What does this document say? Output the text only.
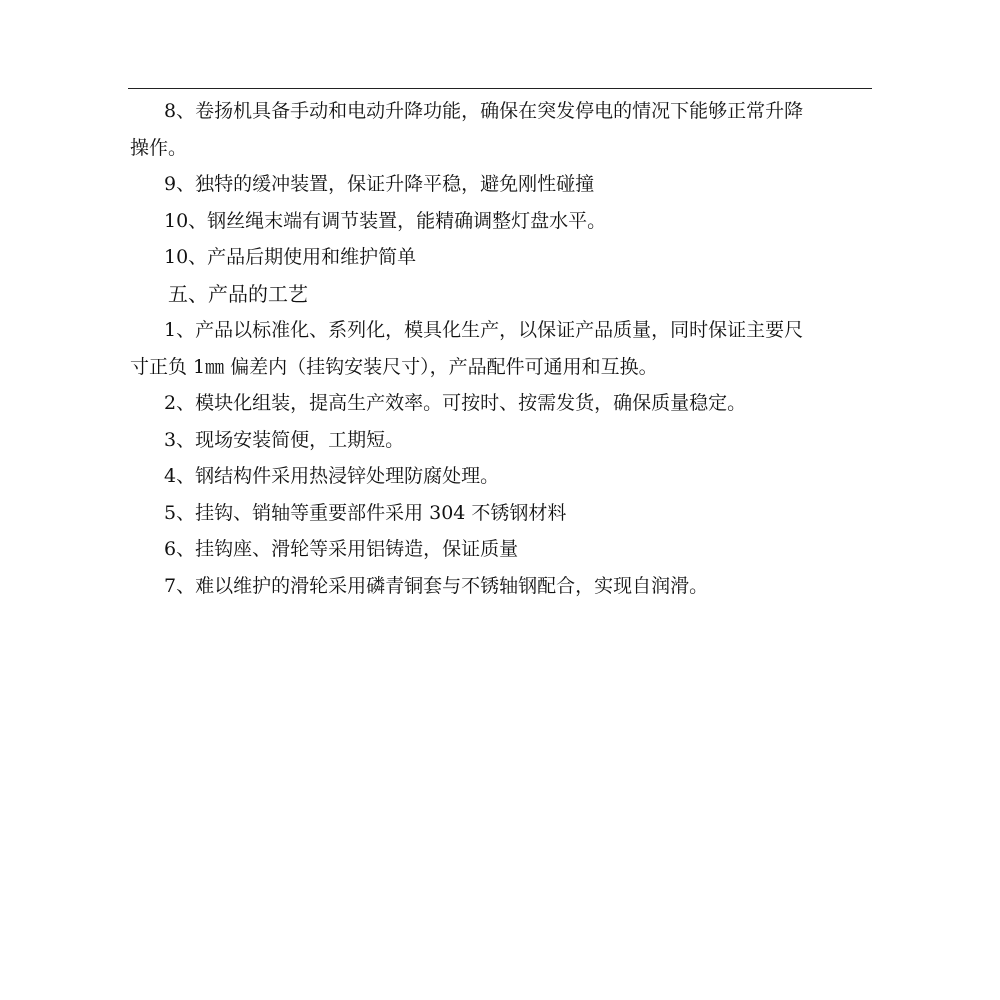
8、卷扬机具备手动和电动升降功能，确保在突发停电的情况下能够正常升降
操作。

9、独特的缓冲装置，保证升降平稳，避免刚性碰撞

10、钢丝绳末端有调节装置，能精确调整灯盘水平。

10、产品后期使用和维护简单

五、产品的工艺

1、产品以标准化、系列化，模具化生产，以保证产品质量，同时保证主要尺
寸正负 1㎜ 偏差内（挂钩安装尺寸），产品配件可通用和互换。

2、模块化组装，提高生产效率。可按时、按需发货，确保质量稳定。

3、现场安装简便，工期短。

4、钢结构件采用热浸锌处理防腐处理。

5、挂钩、销轴等重要部件采用 304 不锈钢材料

6、挂钩座、滑轮等采用铝铸造，保证质量

7、难以维护的滑轮采用磷青铜套与不锈轴钢配合，实现自润滑。
